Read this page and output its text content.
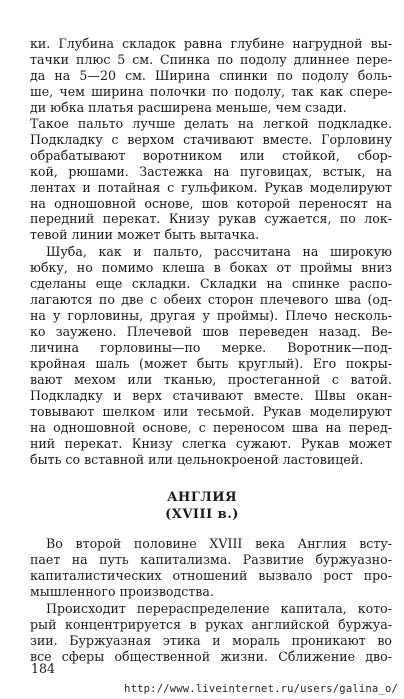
ки. Глубина складок равна глубине нагрудной вы-
тачки плюс 5 см. Спинка по подолу длиннее пере-
да на 5—20 см. Ширина спинки по подолу боль-
ше, чем ширина полочки по подолу, так как спере-
ди юбка платья расширена меньше, чем сзади.
Такое пальто лучше делать на легкой подкладке.
Подкладку с верхом стачивают вместе. Горловину
обрабатывают воротником или стойкой, сбор-
кой, рюшами. Застежка на пуговицах, встык, на
лентах и потайная с гульфиком. Рукав моделируют
на одношовной основе, шов которой переносят на
передний перекат. Книзу рукав сужается, по лок-
тевой линии может быть вытачка.
Шуба, как и пальто, рассчитана на широкую
юбку, но помимо клеша в боках от проймы вниз
сделаны еще складки. Складки на спинке распо-
лагаются по две с обеих сторон плечевого шва (од-
на у горловины, другая у проймы). Плечо несколь-
ко заужено. Плечевой шов переведен назад. Ве-
личина горловины—по мерке. Воротник—под-
кройная шаль (может быть круглый). Его покры-
вают мехом или тканью, простеганной с ватой.
Подкладку и верх стачивают вместе. Швы окан-
товывают шелком или тесьмой. Рукав моделируют
на одношовной основе, с переносом шва на перед-
ний перекат. Книзу слегка сужают. Рукав может
быть со вставной или цельнокроеной ластовицей.
АНГЛИЯ
(XVIII в.)
Во второй половине XVIII века Англия всту-
пает на путь капитализма. Развитие буржуазно-
капиталистических отношений вызвало рост про-
мышленного производства.
Происходит перераспределение капитала, кото-
рый концентрируется в руках английской буржуа-
зии. Буржуазная этика и мораль проникают во
все сферы общественной жизни. Сближение дво-
184
http://www.liveinternet.ru/users/galina_o/
